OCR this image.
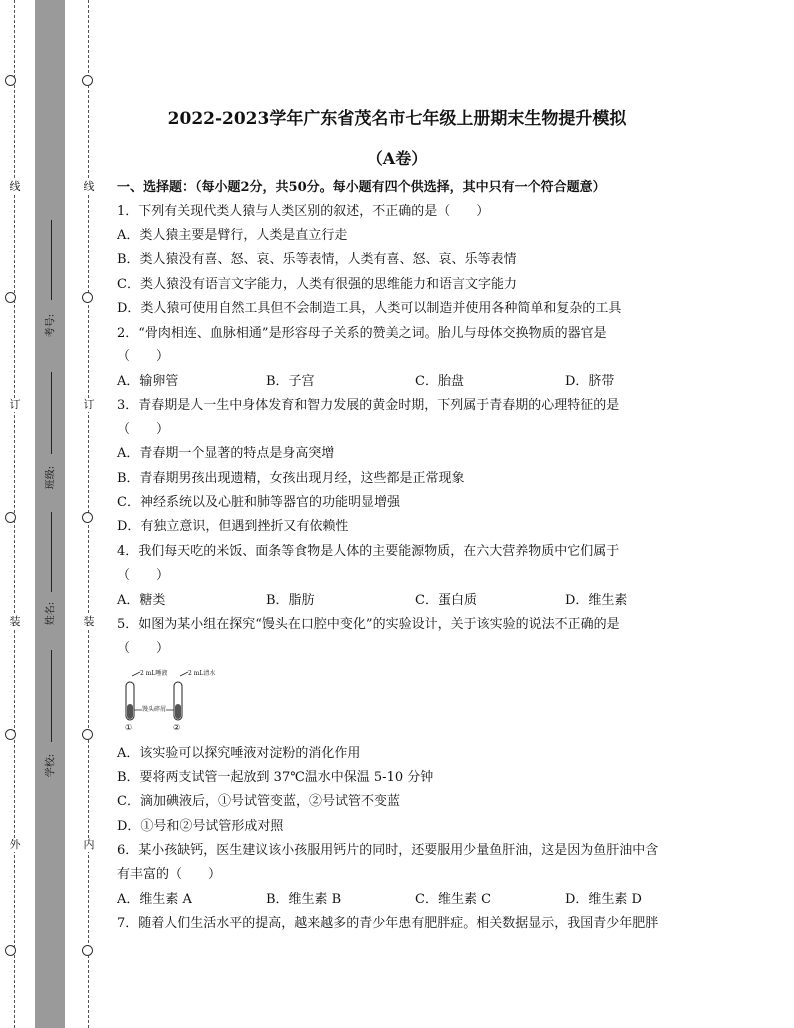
线
订
装
外
线
订
装
内
考号:
班级:
姓名:
学校:
2022-2023学年广东省茂名市七年级上册期末生物提升模拟
（A卷）
一、选择题：（每小题2分，共50分。每小题有四个供选择，其中只有一个符合题意）
1．下列有关现代类人猿与人类区别的叙述，不正确的是（　　）
A．类人猿主要是臂行，人类是直立行走
B．类人猿没有喜、怒、哀、乐等表情，人类有喜、怒、哀、乐等表情
C．类人猿没有语言文字能力，人类有很强的思维能力和语言文字能力
D．类人猿可使用自然工具但不会制造工具，人类可以制造并使用各种简单和复杂的工具
2．“骨肉相连、血脉相通”是形容母子关系的赞美之词。胎儿与母体交换物质的器官是
（　　）
A．输卵管	B．子宫	C．胎盘	D．脐带
3．青春期是人一生中身体发育和智力发展的黄金时期，下列属于青春期的心理特征的是
（　　）
A．青春期一个显著的特点是身高突增
B．青春期男孩出现遗精，女孩出现月经，这些都是正常现象
C．神经系统以及心脏和肺等器官的功能明显增强
D．有独立意识，但遇到挫折又有依赖性
4．我们每天吃的米饭、面条等食物是人体的主要能源物质，在六大营养物质中它们属于
（　　）
A．糖类	B．脂肪	C．蛋白质	D．维生素
5．如图为某小组在探究“馒头在口腔中变化”的实验设计，关于该实验的说法不正确的是
（　　）
2 mL唾液	2 mL清水
馒头碎屑
①	②
A．该实验可以探究唾液对淀粉的消化作用
B．要将两支试管一起放到 37℃温水中保温 5-10 分钟
C．滴加碘液后，①号试管变蓝，②号试管不变蓝
D．①号和②号试管形成对照
6．某小孩缺钙，医生建议该小孩服用钙片的同时，还要服用少量鱼肝油，这是因为鱼肝油中含
有丰富的（　　）
A．维生素 A	B．维生素 B	C．维生素 C	D．维生素 D
7．随着人们生活水平的提高，越来越多的青少年患有肥胖症。相关数据显示，我国青少年肥胖
